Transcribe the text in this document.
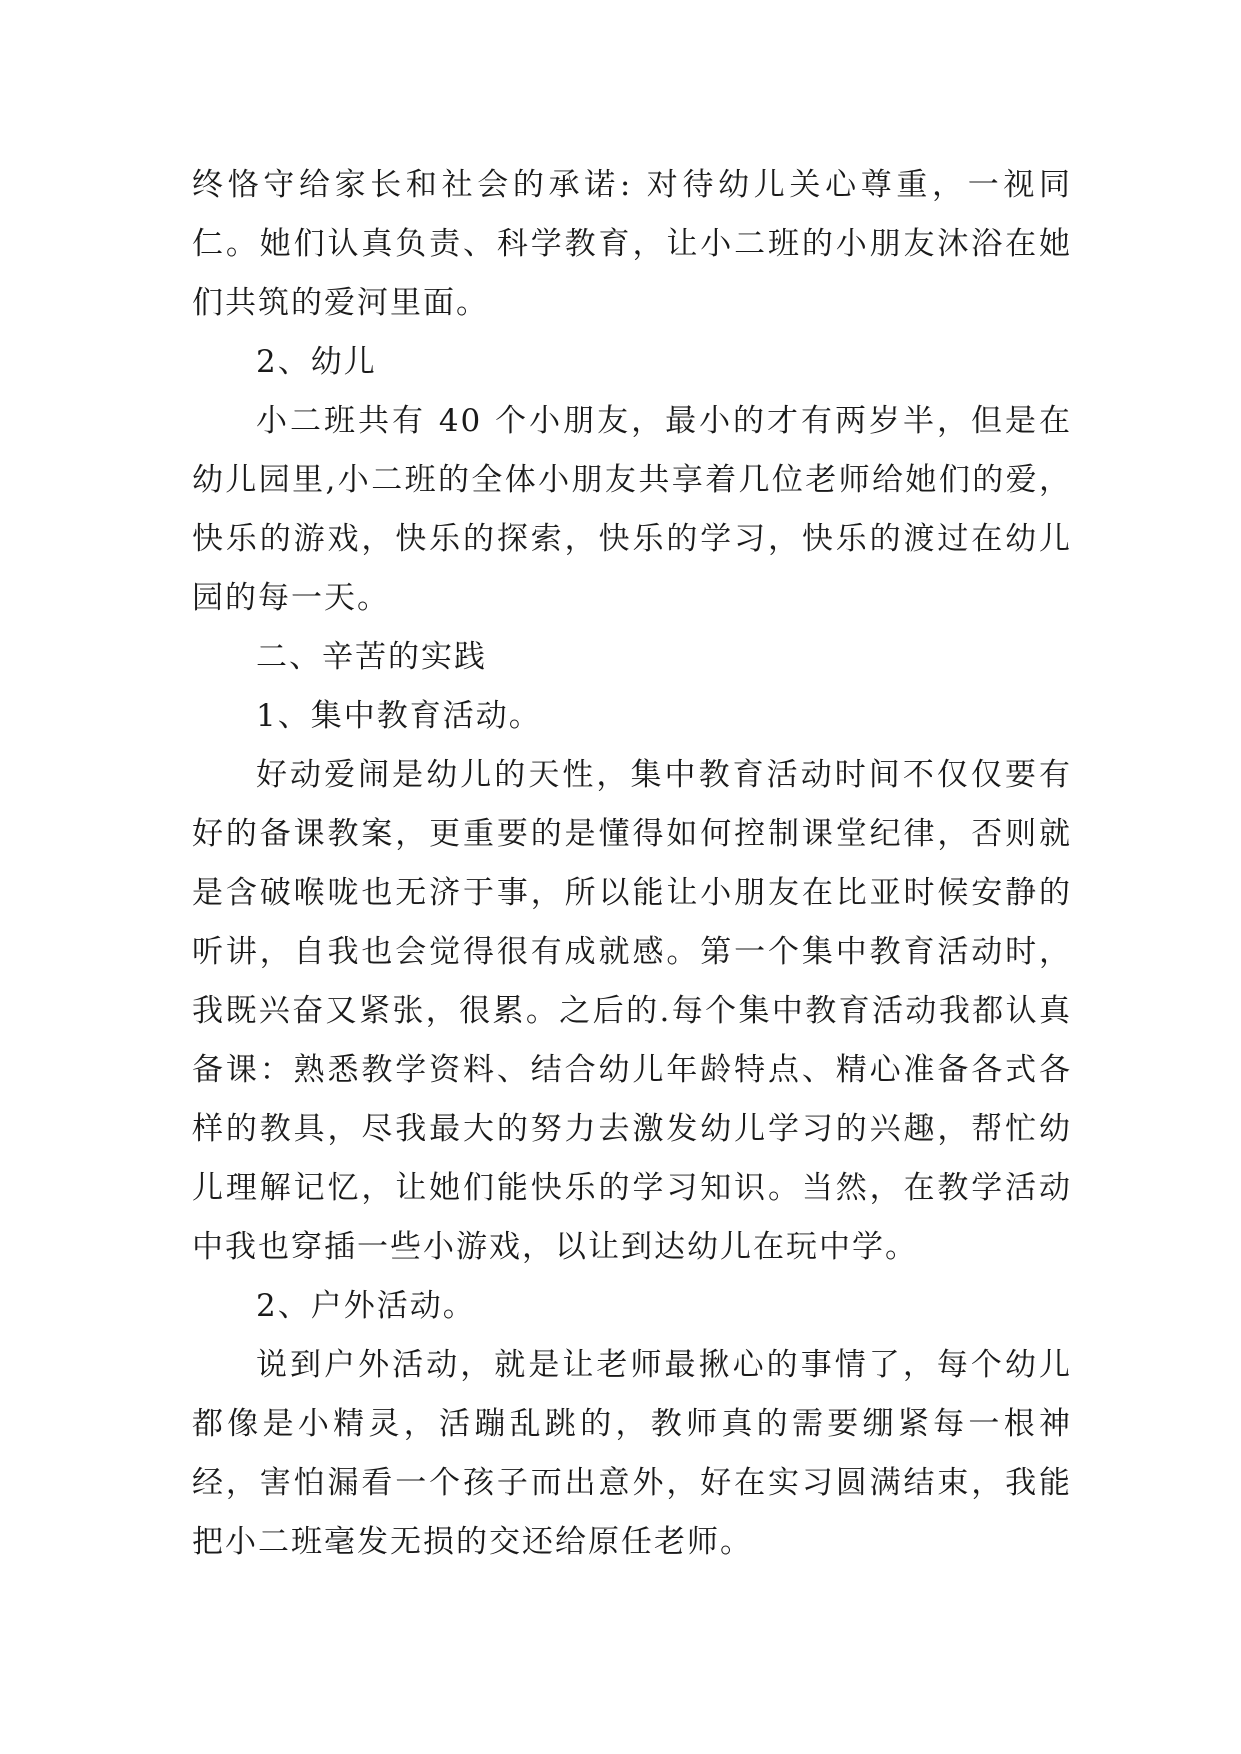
终恪守给家长和社会的承诺: 对待幼儿关心尊重，一视同仁。她们认真负责、科学教育，让小二班的小朋友沐浴在她们共筑的爱河里面。

2、幼儿

小二班共有 40 个小朋友，最小的才有两岁半，但是在幼儿园里,小二班的全体小朋友共享着几位老师给她们的爱，快乐的游戏，快乐的探索，快乐的学习，快乐的渡过在幼儿园的每一天。

二、辛苦的实践

1、集中教育活动。

好动爱闹是幼儿的天性，集中教育活动时间不仅仅要有好的备课教案，更重要的是懂得如何控制课堂纪律，否则就是含破喉咙也无济于事，所以能让小朋友在比亚时候安静的听讲，自我也会觉得很有成就感。第一个集中教育活动时，我既兴奋又紧张，很累。之后的.每个集中教育活动我都认真备课：熟悉教学资料、结合幼儿年龄特点、精心准备各式各样的教具，尽我最大的努力去激发幼儿学习的兴趣，帮忙幼儿理解记忆，让她们能快乐的学习知识。当然，在教学活动中我也穿插一些小游戏，以让到达幼儿在玩中学。

2、户外活动。

说到户外活动，就是让老师最揪心的事情了，每个幼儿都像是小精灵，活蹦乱跳的，教师真的需要绷紧每一根神经，害怕漏看一个孩子而出意外，好在实习圆满结束，我能把小二班毫发无损的交还给原任老师。
